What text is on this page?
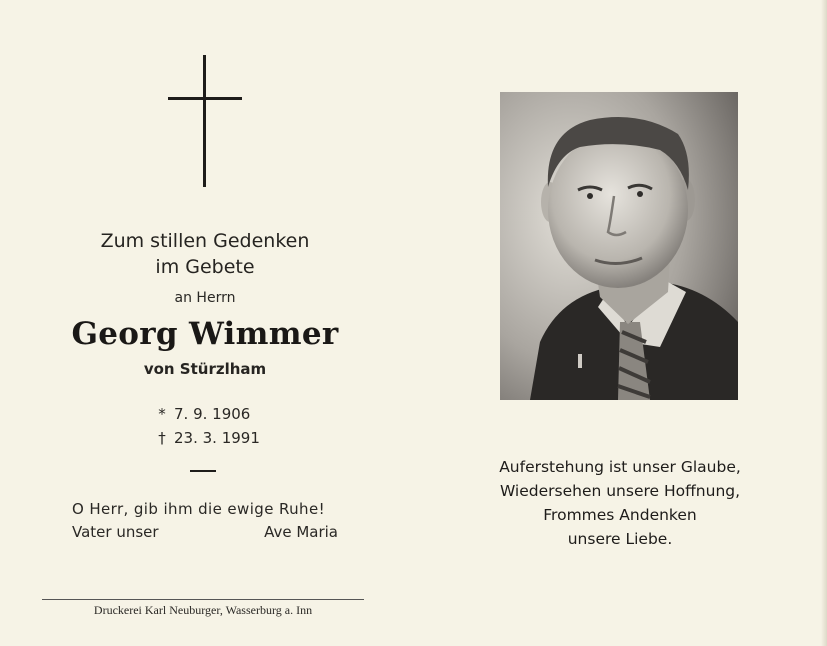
Zum stillen Gedenken
im Gebete
an Herrn
Georg Wimmer
von Stürzlham
* 7. 9. 1906
† 23. 3. 1991
O Herr, gib ihm die ewige Ruhe!
Vater unser	Ave Maria
Druckerei Karl Neuburger, Wasserburg a. Inn
Auferstehung ist unser Glaube,
Wiedersehen unsere Hoffnung,
Frommes Andenken
unsere Liebe.
